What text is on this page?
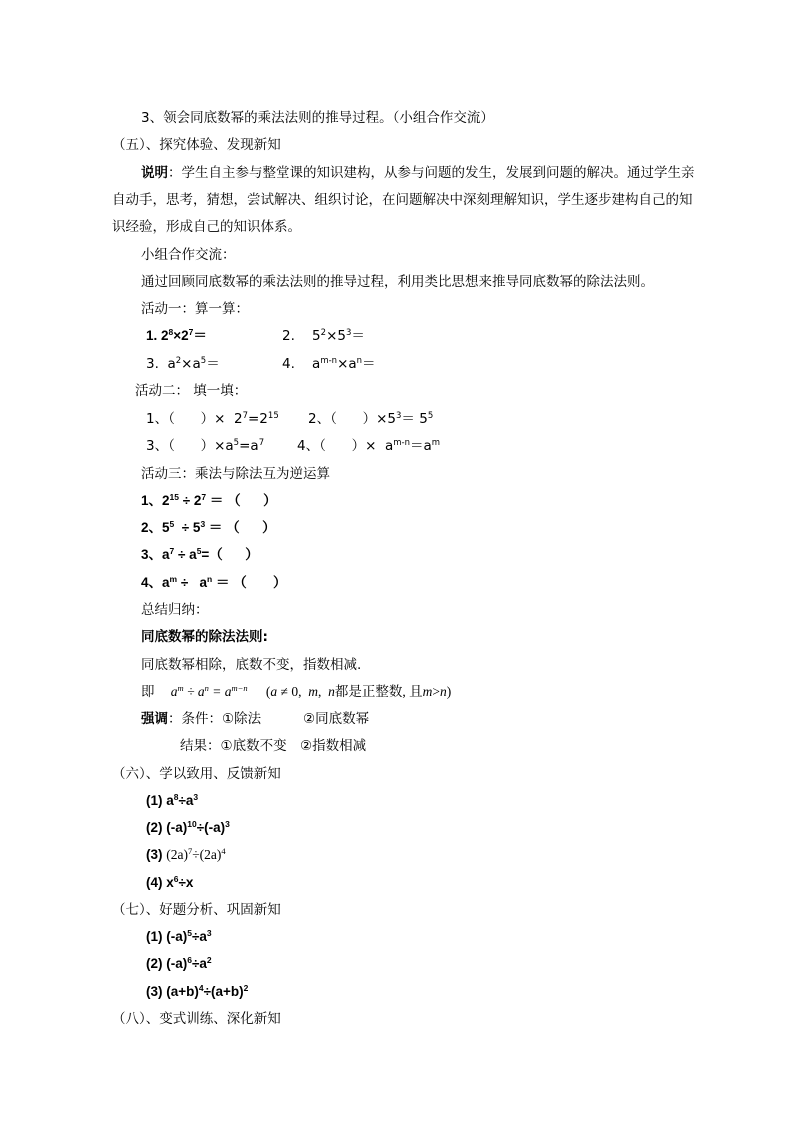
3、领会同底数幂的乘法法则的推导过程。（小组合作交流）
（五）、探究体验、发现新知
说明：学生自主参与整堂课的知识建构，从参与问题的发生，发展到问题的解决。通过学生亲
自动手，思考，猜想，尝试解决、组织讨论，在问题解决中深刻理解知识，学生逐步建构自己的知
识经验，形成自己的知识体系。
小组合作交流：
通过回顾同底数幂的乘法法则的推导过程，利用类比思想来推导同底数幂的除法法则。
活动一：算一算：
1. $2^8\times 2^7=$	2.    $5^2\times 5^3=$
3.  $a^2\times a^5=$	4.    $a^{m-n}\times a^n=$
活动二： 填一填：
1、（      ）×  $2^7=2^{15}$ 2、（      ）$\times 5^3= 5^5$
3、（      ）$\times a^5=a^7$ 4、（      ）×  $a^{m-n}=a^m$
活动三：乘法与除法互为逆运算
1、$2^{15} \div 2^7$ ＝ （      ）
2、$5^5 \div 5^3$ ＝ （      ）
3、$a^7 \div a^5=$（      ）
4、$a^m \div a^n$ ＝ （       ）
总结归纳：
同底数幂的除法法则:
同底数幂相除，底数不变，指数相减.
即 $a^m \div a^n = a^{m-n}$ (a ≠ 0,  m,  n都是正整数, 且m>n)
强调：条件：①除法	②同底数幂
结果：①底数不变 ②指数相减
（六）、学以致用、反馈新知
(1) $a^8\div a^3$
(2) $(-a)^{10}\div(-a)^3$
(3) $(2a)^7\div(2a)^4$
(4) $x^6\div x$
（七）、好题分析、巩固新知
(1) $(-a)^5\div a^3$
(2) $(-a)^6\div a^2$
(3) $(a+b)^4\div(a+b)^2$
（八）、变式训练、深化新知
